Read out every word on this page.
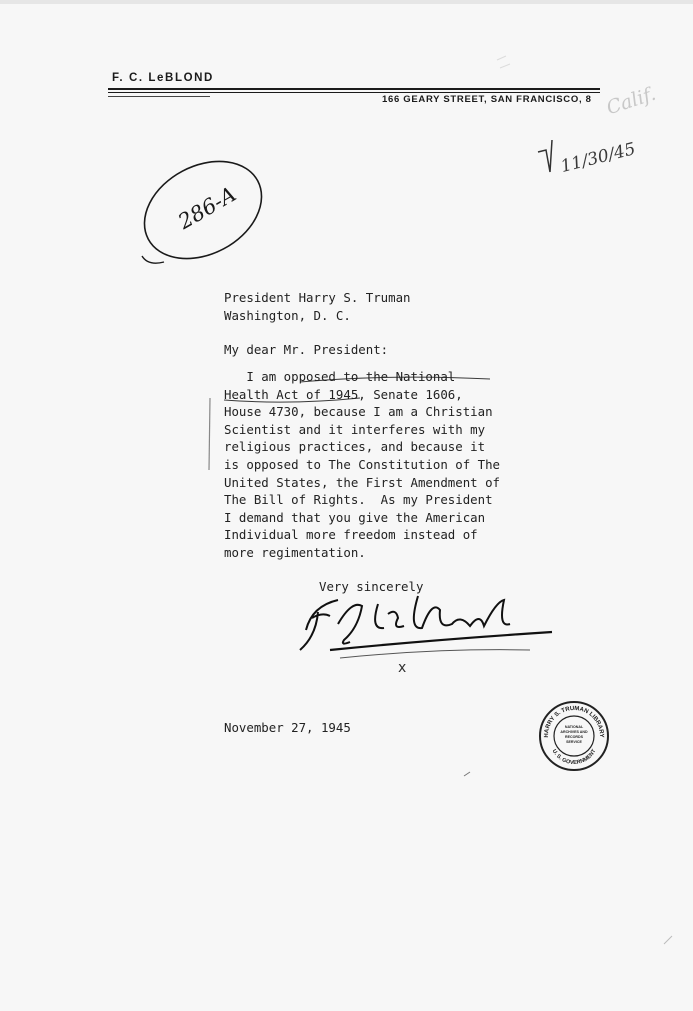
F. C. LeBLOND
166 GEARY STREET, SAN FRANCISCO, 8 Calif.
11/30/45
286-A
President Harry S. Truman
Washington, D. C.
My dear Mr. President:
I am opposed to the National
Health Act of 1945, Senate 1606,
House 4730, because I am a Christian
Scientist and it interferes with my
religious practices, and because it
is opposed to The Constitution of The
United States, the First Amendment of
The Bill of Rights.  As my President
I demand that you give the American
Individual more freedom instead of
more regimentation.
Very sincerely
x
November 27, 1945
HARRY S. TRUMAN LIBRARY
U. S. GOVERNMENT
NATIONAL
ARCHIVES AND
RECORDS
SERVICE
